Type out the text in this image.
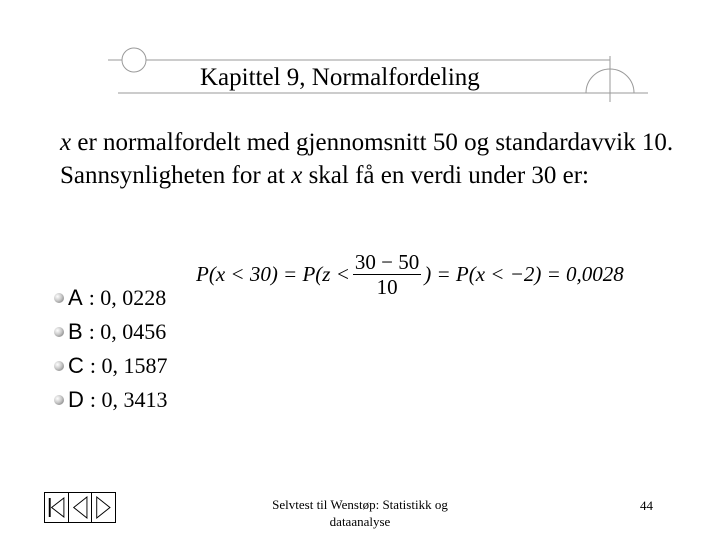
Kapittel 9, Normalfordeling
x er normalfordelt med gjennomsnitt 50 og standardavvik 10. Sannsynligheten for at x skal få en verdi under 30 er:
$P(x < 30) = P(z < \frac{30 - 50}{10}$ ) = P(x < −2) = 0,0028
A : 0, 0228
B : 0, 0456
C : 0, 1587
D : 0, 3413
Selvtest til Wenstøp: Statistikk og dataanalyse
44
